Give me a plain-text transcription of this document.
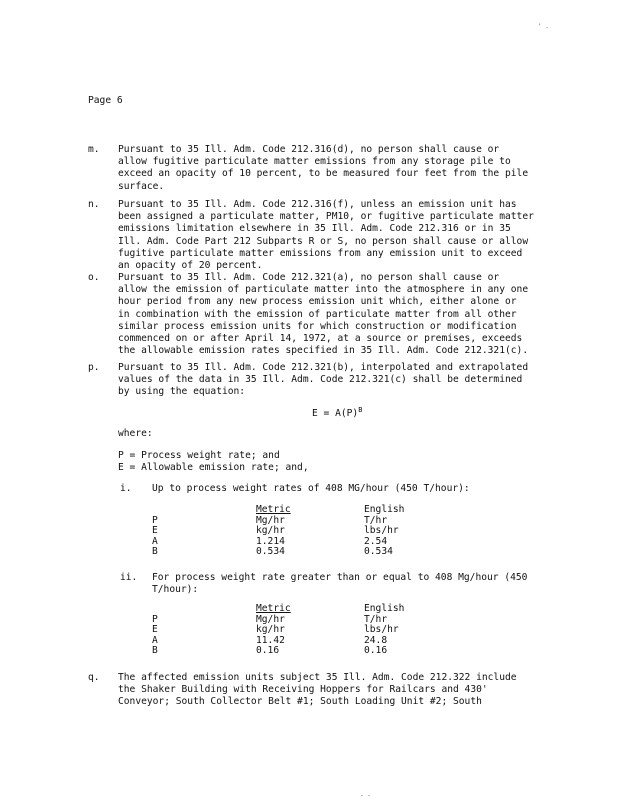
' .
Page 6
m. Pursuant to 35 Ill. Adm. Code 212.316(d), no person shall cause or
allow fugitive particulate matter emissions from any storage pile to
exceed an opacity of 10 percent, to be measured four feet from the pile
surface.
n. Pursuant to 35 Ill. Adm. Code 212.316(f), unless an emission unit has
been assigned a particulate matter, PM10, or fugitive particulate matter
emissions limitation elsewhere in 35 Ill. Adm. Code 212.316 or in 35
Ill. Adm. Code Part 212 Subparts R or S, no person shall cause or allow
fugitive particulate matter emissions from any emission unit to exceed
an opacity of 20 percent.
o. Pursuant to 35 Ill. Adm. Code 212.321(a), no person shall cause or
allow the emission of particulate matter into the atmosphere in any one
hour period from any new process emission unit which, either alone or
in combination with the emission of particulate matter from all other
similar process emission units for which construction or modification
commenced on or after April 14, 1972, at a source or premises, exceeds
the allowable emission rates specified in 35 Ill. Adm. Code 212.321(c).
p. Pursuant to 35 Ill. Adm. Code 212.321(b), interpolated and extrapolated
values of the data in 35 Ill. Adm. Code 212.321(c) shall be determined
by using the equation:
$E = A(P)^B$
where:
P = Process weight rate; and
E = Allowable emission rate; and,
i. Up to process weight rates of 408 MG/hour (450 T/hour):
	Metric	English
P	Mg/hr	T/hr
E	kg/hr	lbs/hr
A	1.214	2.54
B	0.534	0.534
ii. For process weight rate greater than or equal to 408 Mg/hour (450
T/hour):
	Metric	English
P	Mg/hr	T/hr
E	kg/hr	lbs/hr
A	11.42	24.8
B	0.16	0.16
q. The affected emission units subject 35 Ill. Adm. Code 212.322 include
the Shaker Building with Receiving Hoppers for Railcars and 430'
Conveyor; South Collector Belt #1; South Loading Unit #2; South
- -
